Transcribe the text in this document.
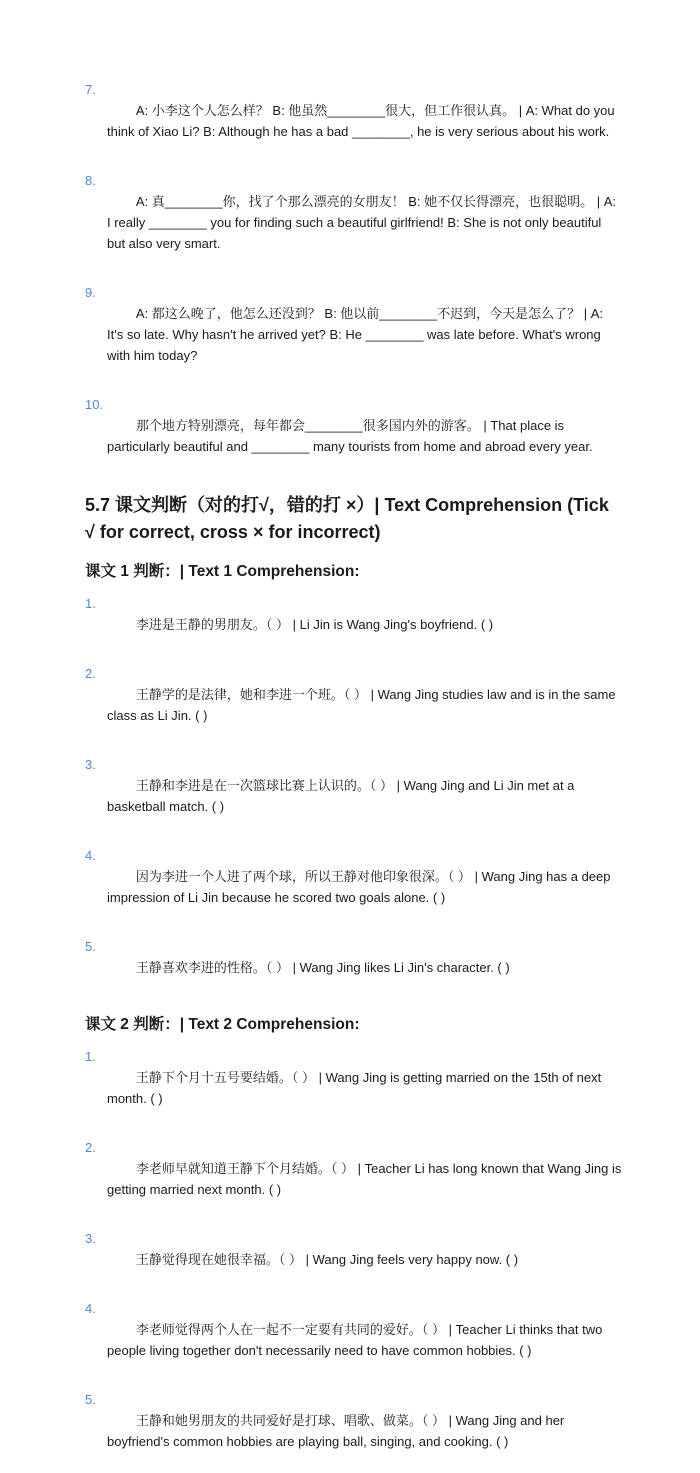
7.
A: 小李这个人怎么样？ B: 他虽然________很大，但工作很认真。 | A: What do you think of Xiao Li? B: Although he has a bad ________, he is very serious about his work.

8.
A: 真________你，找了个那么漂亮的女朋友！ B: 她不仅长得漂亮，也很聪明。 | A: I really ________ you for finding such a beautiful girlfriend! B: She is not only beautiful but also very smart.

9.
A: 都这么晚了，他怎么还没到？ B: 他以前________不迟到，今天是怎么了？ | A: It's so late. Why hasn't he arrived yet? B: He ________ was late before. What's wrong with him today?

10.
那个地方特别漂亮，每年都会________很多国内外的游客。 | That place is particularly beautiful and ________ many tourists from home and abroad every year.

5.7 课文判断（对的打√，错的打 ×）| Text Comprehension (Tick √ for correct, cross × for incorrect)
课文 1 判断：| Text 1 Comprehension:

1.
李进是王静的男朋友。（ ） | Li Jin is Wang Jing's boyfriend. ( )

2.
王静学的是法律，她和李进一个班。（ ） | Wang Jing studies law and is in the same class as Li Jin. ( )

3.
王静和李进是在一次篮球比赛上认识的。（ ） | Wang Jing and Li Jin met at a basketball match. ( )

4.
因为李进一个人进了两个球，所以王静对他印象很深。（ ） | Wang Jing has a deep impression of Li Jin because he scored two goals alone. ( )

5.
王静喜欢李进的性格。（ ） | Wang Jing likes Li Jin's character. ( )

课文 2 判断：| Text 2 Comprehension:

1.
王静下个月十五号要结婚。（ ） | Wang Jing is getting married on the 15th of next month. ( )

2.
李老师早就知道王静下个月结婚。（ ） | Teacher Li has long known that Wang Jing is getting married next month. ( )

3.
王静觉得现在她很幸福。（ ） | Wang Jing feels very happy now. ( )

4.
李老师觉得两个人在一起不一定要有共同的爱好。（ ） | Teacher Li thinks that two people living together don't necessarily need to have common hobbies. ( )

5.
王静和她男朋友的共同爱好是打球、唱歌、做菜。（ ） | Wang Jing and her boyfriend's common hobbies are playing ball, singing, and cooking. ( )
